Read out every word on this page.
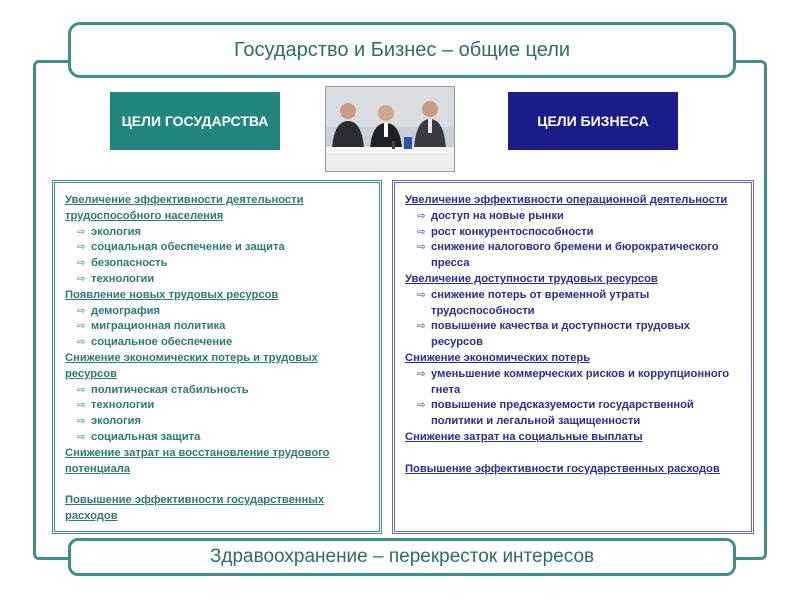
Государство и Бизнес – общие цели
ЦЕЛИ ГОСУДАРСТВА	ЦЕЛИ БИЗНЕСА
Увеличение эффективности деятельности трудоспособного населения
⇨ экология
⇨ социальная обеспечение и защита
⇨ безопасность
⇨ технологии
Появление новых трудовых ресурсов
⇨ демография
⇨ миграционная политика
⇨ социальное обеспечение
Снижение экономических потерь и трудовых ресурсов
⇨ политическая стабильность
⇨ технологии
⇨ экология
⇨ социальная защита
Снижение затрат на восстановление трудового потенциала
Повышение эффективности государственных расходов
Увеличение эффективности операционной деятельности
⇨ доступ на новые рынки
⇨ рост конкурентоспособности
⇨ снижение налогового бремени и бюрократического пресса
Увеличение доступности трудовых ресурсов
⇨ снижение потерь от временной утраты трудоспособности
⇨ повышение качества и доступности трудовых ресурсов
Снижение экономических потерь
⇨ уменьшение коммерческих рисков и коррупционного гнета
⇨ повышение предсказуемости государственной политики и легальной защищенности
Снижение затрат на социальные выплаты
Повышение эффективности государственных расходов
Здравоохранение – перекресток интересов
